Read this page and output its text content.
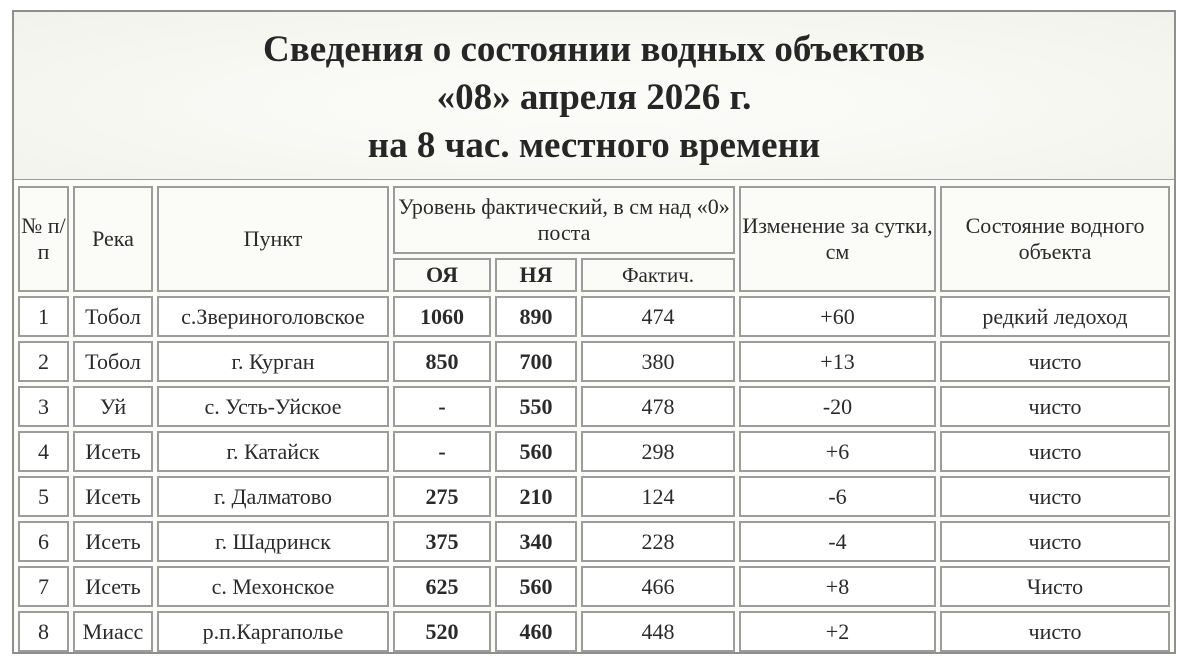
Сведения о состоянии водных объектов
«08» апреля 2026 г.
на 8 час. местного времени
№ п/п	Река	Пункт	Уровень фактический, в см над «0» поста			Изменение за сутки, см	Состояние водного объекта
			ОЯ	НЯ	Фактич.		
1	Тобол	с.Звериноголовское	1060	890	474	+60	редкий ледоход
2	Тобол	г. Курган	850	700	380	+13	чисто
3	Уй	с. Усть-Уйское	-	550	478	-20	чисто
4	Исеть	г. Катайск	-	560	298	+6	чисто
5	Исеть	г. Далматово	275	210	124	-6	чисто
6	Исеть	г. Шадринск	375	340	228	-4	чисто
7	Исеть	с. Мехонское	625	560	466	+8	Чисто
8	Миасс	р.п.Каргаполье	520	460	448	+2	чисто
